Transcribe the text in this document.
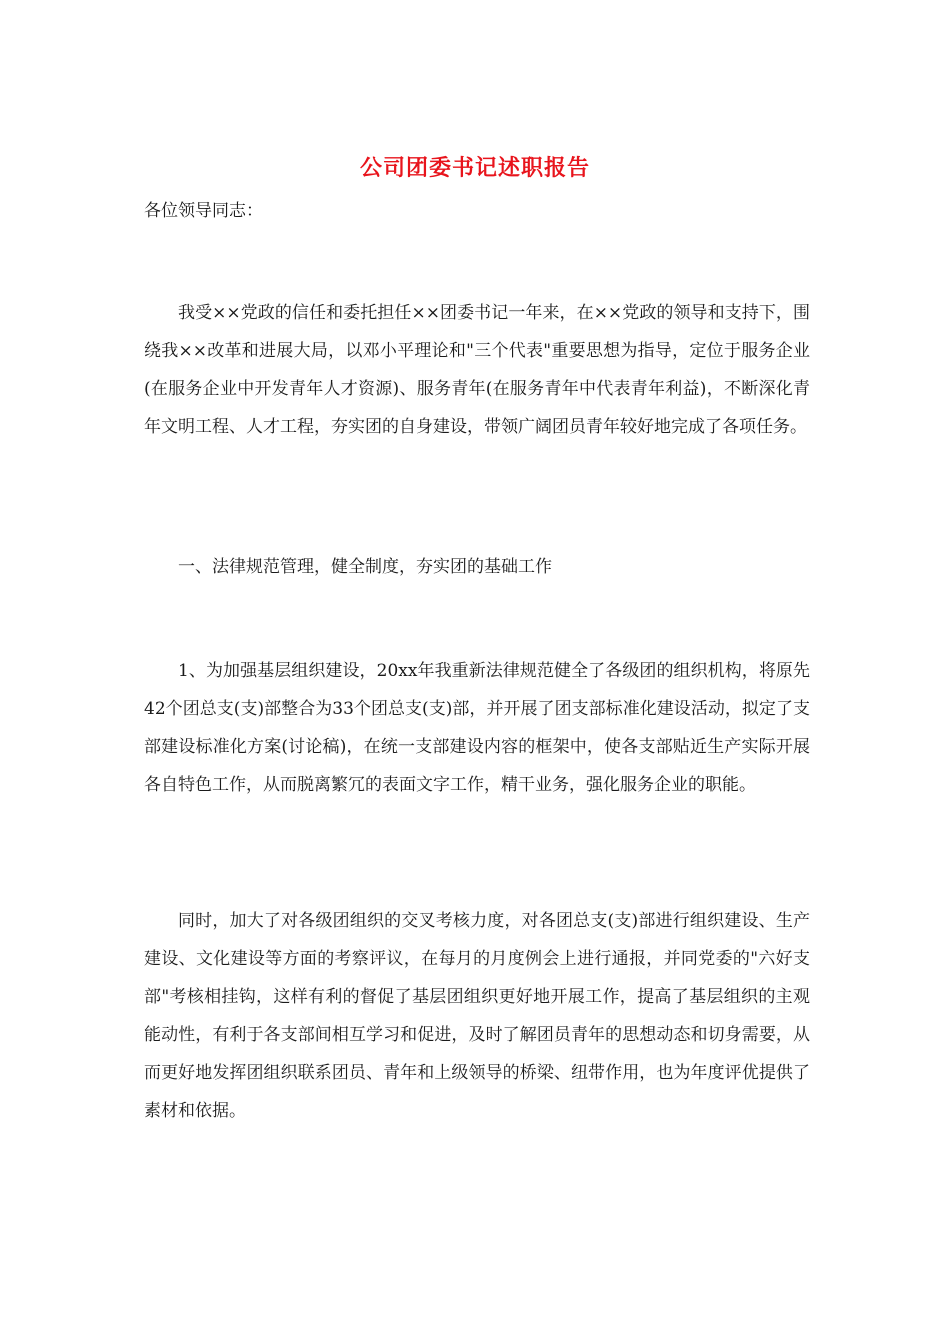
公司团委书记述职报告
各位领导同志：

我受××党政的信任和委托担任××团委书记一年来，在××党政的领导和支持下，围绕我××改革和进展大局，以邓小平理论和"三个代表"重要思想为指导，定位于服务企业(在服务企业中开发青年人才资源)、服务青年(在服务青年中代表青年利益)，不断深化青年文明工程、人才工程，夯实团的自身建设，带领广阔团员青年较好地完成了各项任务。

一、法律规范管理，健全制度，夯实团的基础工作

1、为加强基层组织建设，20xx年我重新法律规范健全了各级团的组织机构，将原先42个团总支(支)部整合为33个团总支(支)部，并开展了团支部标准化建设活动，拟定了支部建设标准化方案(讨论稿)，在统一支部建设内容的框架中，使各支部贴近生产实际开展各自特色工作，从而脱离繁冗的表面文字工作，精干业务，强化服务企业的职能。

同时，加大了对各级团组织的交叉考核力度，对各团总支(支)部进行组织建设、生产建设、文化建设等方面的考察评议，在每月的月度例会上进行通报，并同党委的"六好支部"考核相挂钩，这样有利的督促了基层团组织更好地开展工作，提高了基层组织的主观能动性，有利于各支部间相互学习和促进，及时了解团员青年的思想动态和切身需要，从而更好地发挥团组织联系团员、青年和上级领导的桥梁、纽带作用，也为年度评优提供了素材和依据。
